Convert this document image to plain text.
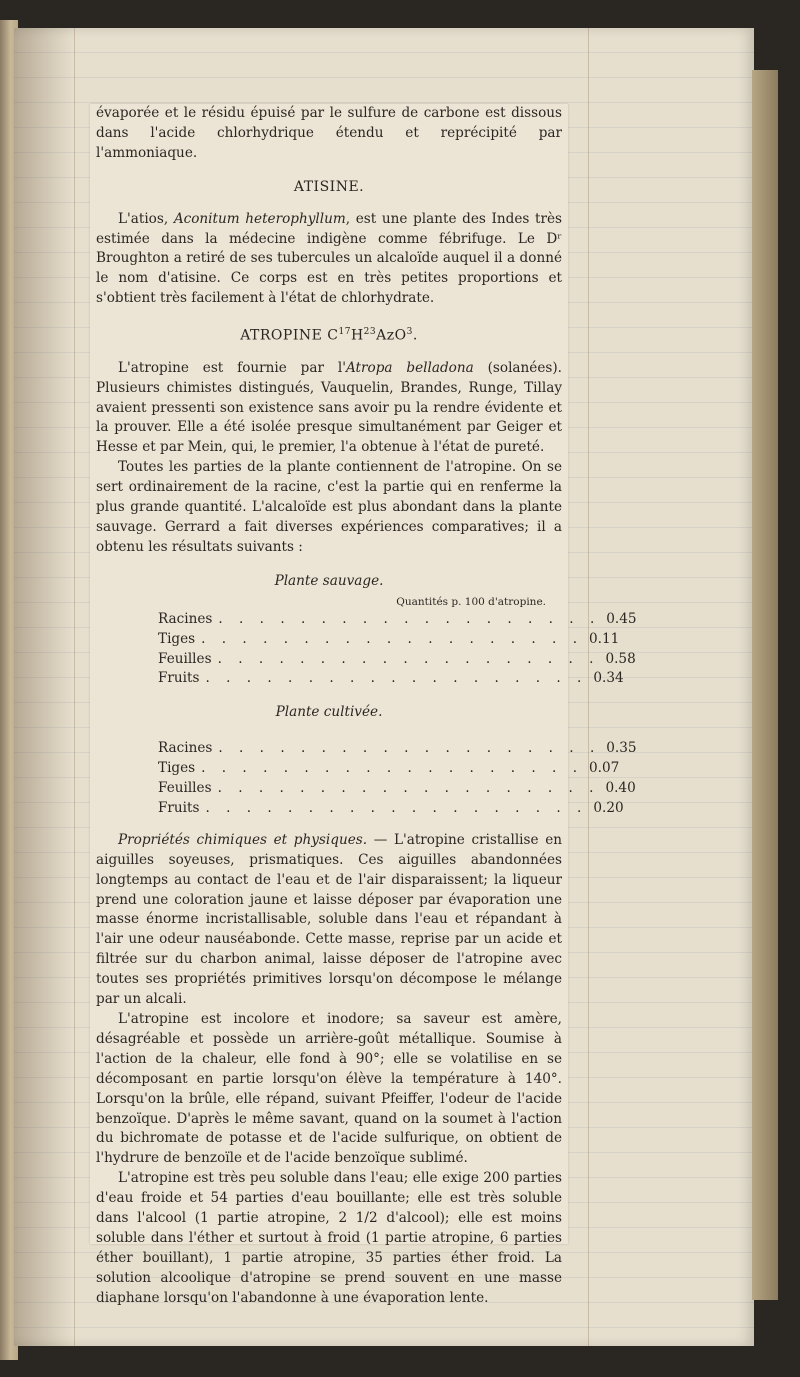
évaporée et le résidu épuisé par le sulfure de carbone est dissous dans l'acide chlorhydrique étendu et reprécipité par l'ammoniaque.

ATISINE.

L'atios, Aconitum heterophyllum, est une plante des Indes très estimée dans la médecine indigène comme fébrifuge. Le Dʳ Broughton a retiré de ses tubercules un alcaloïde auquel il a donné le nom d'atisine. Ce corps est en très petites proportions et s'obtient très facilement à l'état de chlorhydrate.

ATROPINE $C^{17}H^{23}AzO^3$.

L'atropine est fournie par l'Atropa belladona (solanées). Plusieurs chimistes distingués, Vauquelin, Brandes, Runge, Tillay avaient pressenti son existence sans avoir pu la rendre évidente et la prouver. Elle a été isolée presque simultanément par Geiger et Hesse et par Mein, qui, le premier, l'a obtenue à l'état de pureté.

Toutes les parties de la plante contiennent de l'atropine. On se sert ordinairement de la racine, c'est la partie qui en renferme la plus grande quantité. L'alcaloïde est plus abondant dans la plante sauvage. Gerrard a fait diverses expériences comparatives; il a obtenu les résultats suivants :

Plante sauvage.
Quantités p. 100 d'atropine.
Racines . . . . . . . . . . . . . . . . . . . 0.45
Tiges . . . . . . . . . . . . . . . . . . . 0.11
Feuilles . . . . . . . . . . . . . . . . . . . 0.58
Fruits . . . . . . . . . . . . . . . . . . . 0.34
Plante cultivée.
Racines . . . . . . . . . . . . . . . . . . . 0.35
Tiges . . . . . . . . . . . . . . . . . . . 0.07
Feuilles . . . . . . . . . . . . . . . . . . . 0.40
Fruits . . . . . . . . . . . . . . . . . . . 0.20

Propriétés chimiques et physiques. — L'atropine cristallise en aiguilles soyeuses, prismatiques. Ces aiguilles abandonnées longtemps au contact de l'eau et de l'air disparaissent; la liqueur prend une coloration jaune et laisse déposer par évaporation une masse énorme incristallisable, soluble dans l'eau et répandant à l'air une odeur nauséabonde. Cette masse, reprise par un acide et filtrée sur du charbon animal, laisse déposer de l'atropine avec toutes ses propriétés primitives lorsqu'on décompose le mélange par un alcali.

L'atropine est incolore et inodore; sa saveur est amère, désagréable et possède un arrière-goût métallique. Soumise à l'action de la chaleur, elle fond à 90°; elle se volatilise en se décomposant en partie lorsqu'on élève la température à 140°. Lorsqu'on la brûle, elle répand, suivant Pfeiffer, l'odeur de l'acide benzoïque. D'après le même savant, quand on la soumet à l'action du bichromate de potasse et de l'acide sulfurique, on obtient de l'hydrure de benzoïle et de l'acide benzoïque sublimé.

L'atropine est très peu soluble dans l'eau; elle exige 200 parties d'eau froide et 54 parties d'eau bouillante; elle est très soluble dans l'alcool (1 partie atropine, 2 1/2 d'alcool); elle est moins soluble dans l'éther et surtout à froid (1 partie atropine, 6 parties éther bouillant), 1 partie atropine, 35 parties éther froid. La solution alcoolique d'atropine se prend souvent en une masse diaphane lorsqu'on l'abandonne à une évaporation lente.
